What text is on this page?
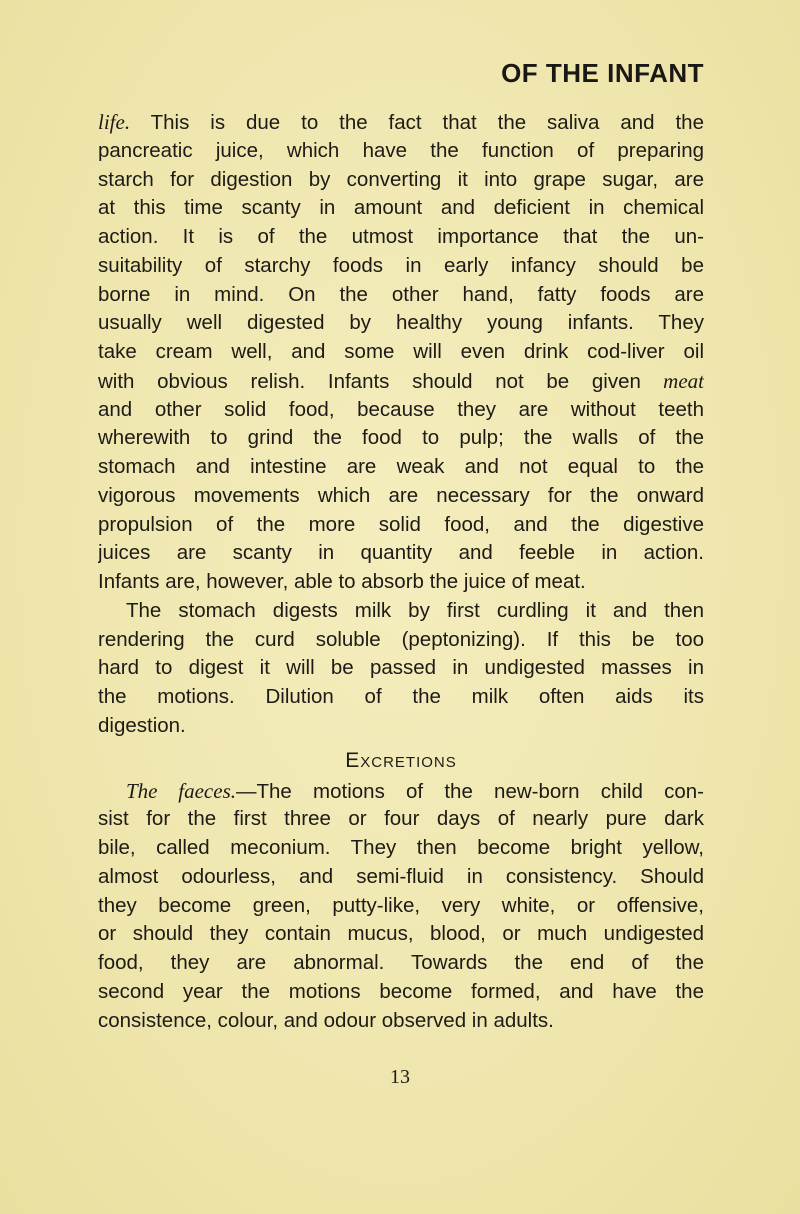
OF THE INFANT
life. This is due to the fact that the saliva and the
pancreatic juice, which have the function of preparing
starch for digestion by converting it into grape sugar, are
at this time scanty in amount and deficient in chemical
action. It is of the utmost importance that the un-
suitability of starchy foods in early infancy should be
borne in mind. On the other hand, fatty foods are
usually well digested by healthy young infants. They
take cream well, and some will even drink cod-liver oil
with obvious relish. Infants should not be given meat
and other solid food, because they are without teeth
wherewith to grind the food to pulp; the walls of the
stomach and intestine are weak and not equal to the
vigorous movements which are necessary for the onward
propulsion of the more solid food, and the digestive
juices are scanty in quantity and feeble in action.
Infants are, however, able to absorb the juice of meat.
The stomach digests milk by first curdling it and then
rendering the curd soluble (peptonizing). If this be too
hard to digest it will be passed in undigested masses in
the motions. Dilution of the milk often aids its
digestion.
Excretions
The faeces.—The motions of the new-born child con-
sist for the first three or four days of nearly pure dark
bile, called meconium. They then become bright yellow,
almost odourless, and semi-fluid in consistency. Should
they become green, putty-like, very white, or offensive,
or should they contain mucus, blood, or much undigested
food, they are abnormal. Towards the end of the
second year the motions become formed, and have the
consistence, colour, and odour observed in adults.
13
